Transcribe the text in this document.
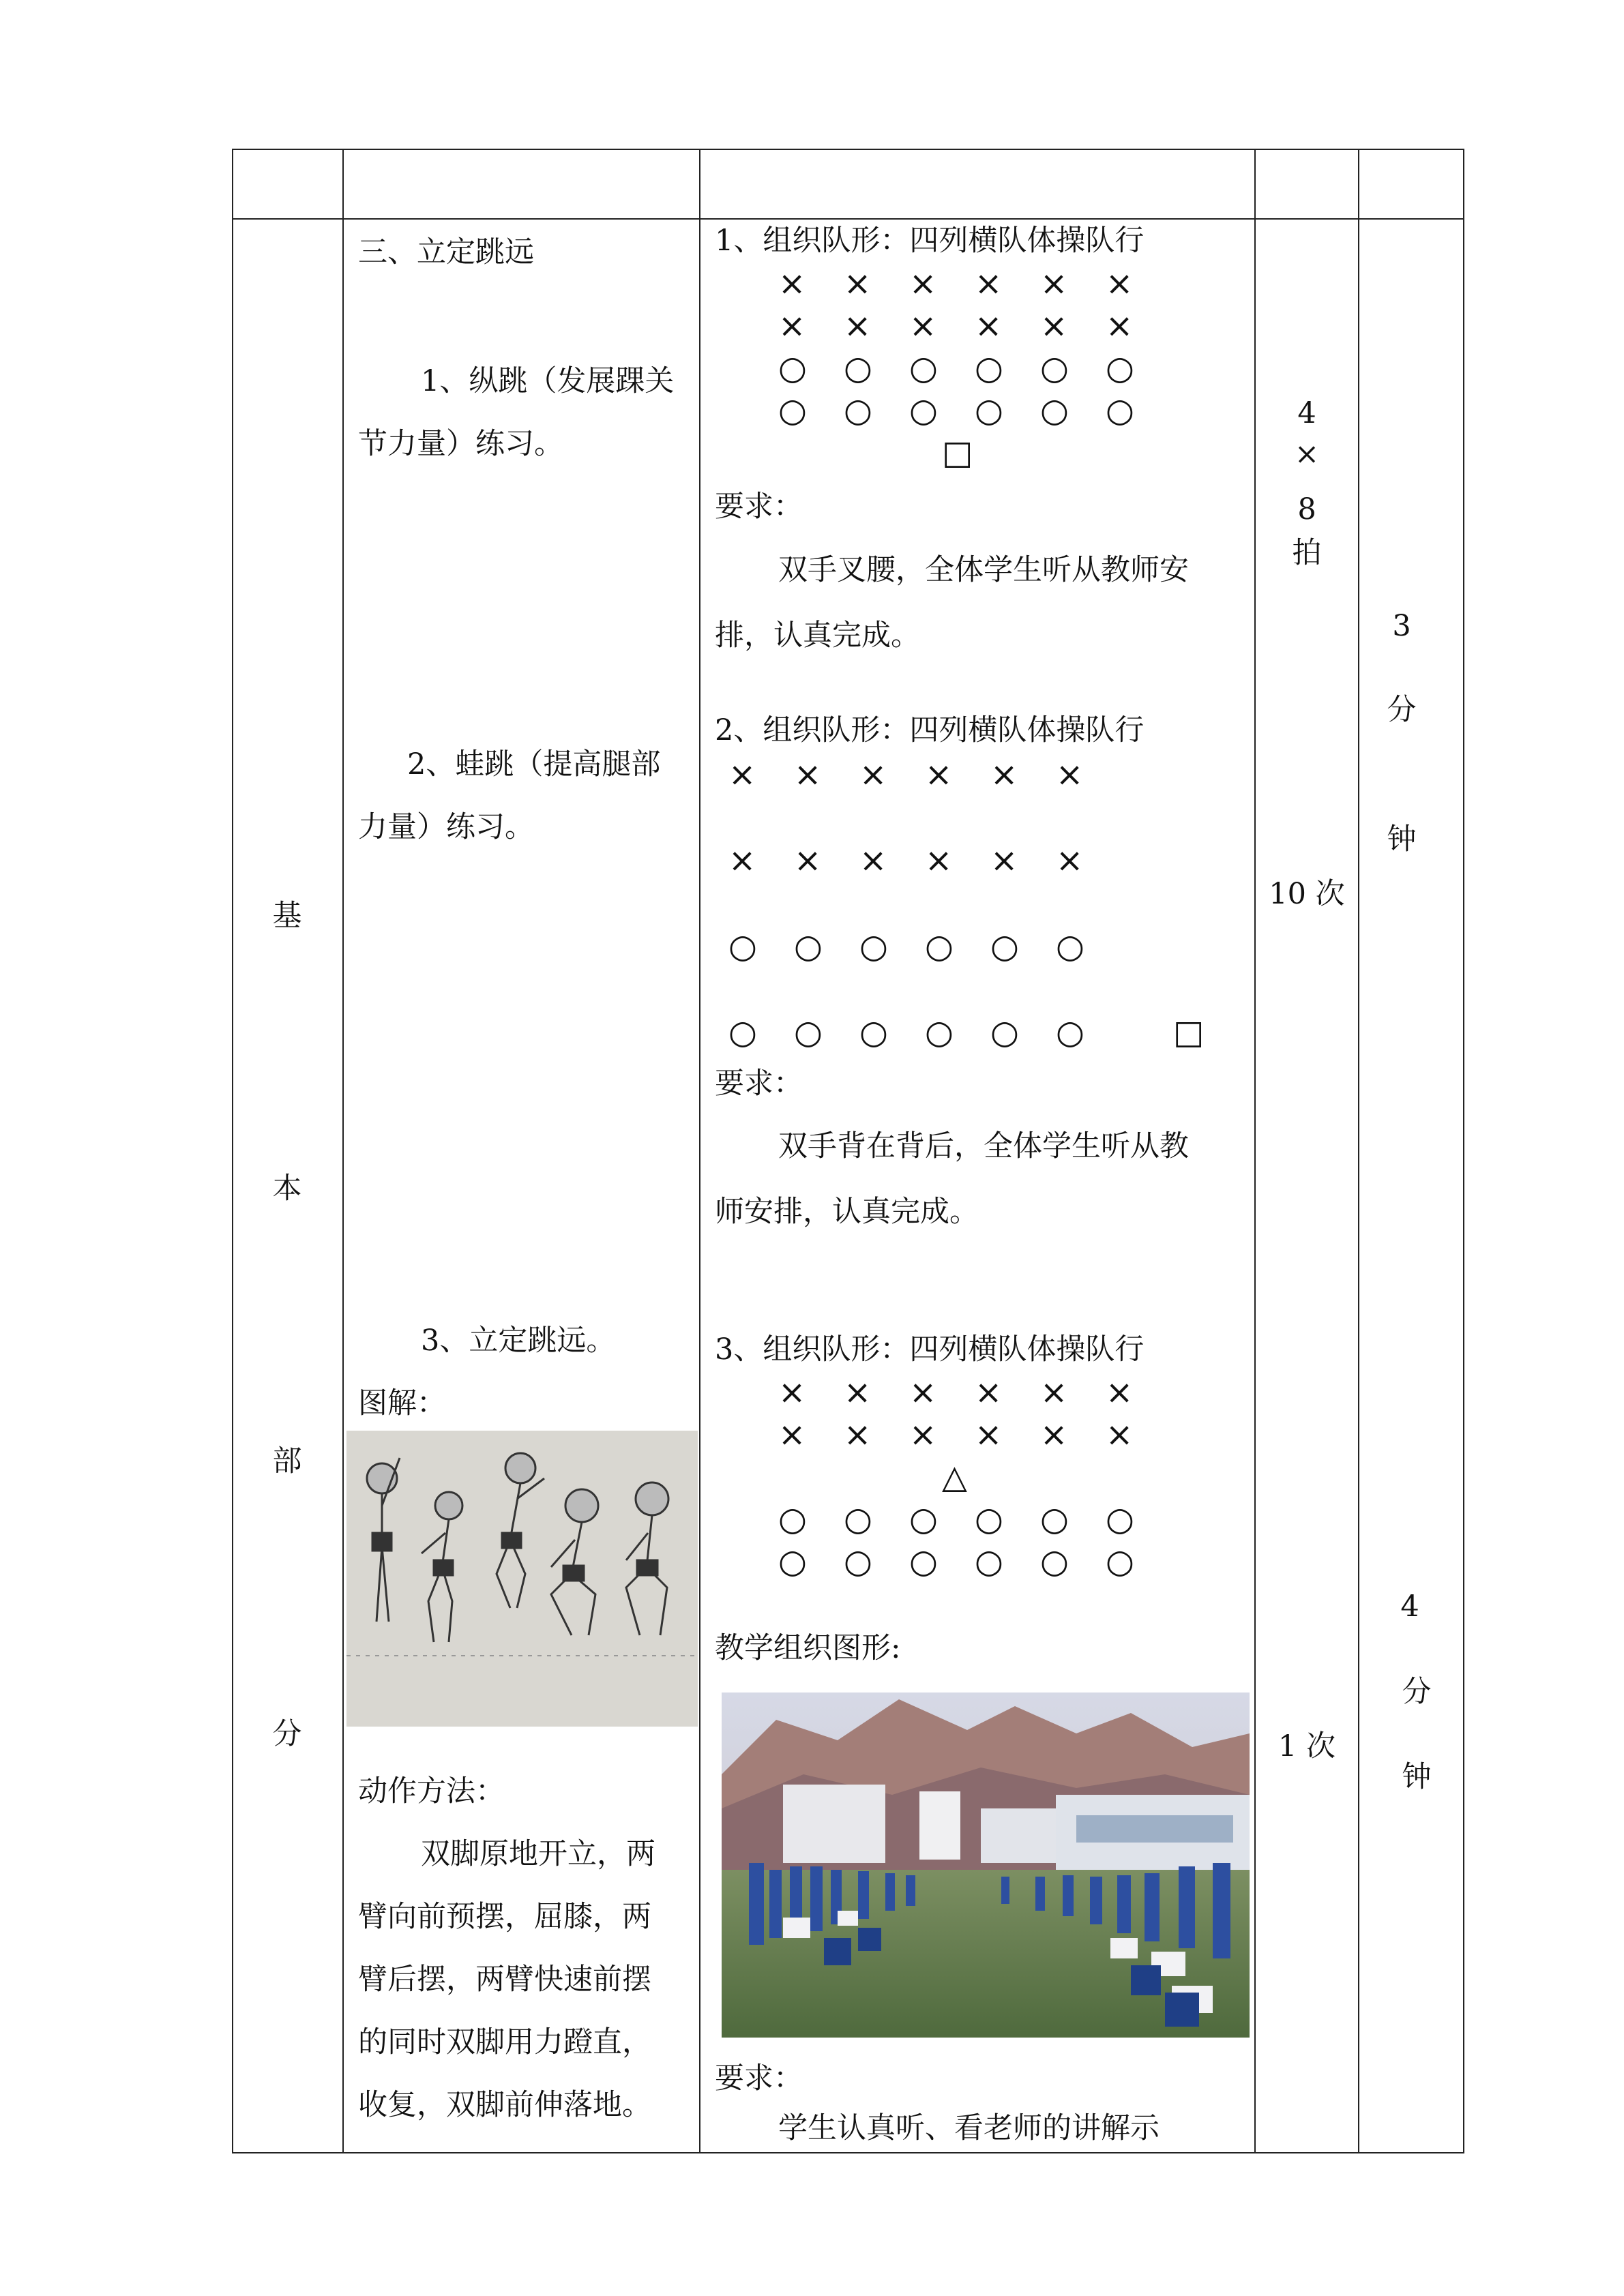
基
本
部
分
三、立定跳远
1、纵跳（发展踝关
节力量）练习。
2、蛙跳（提高腿部
力量）练习。
3、立定跳远。
图解：
动作方法：
双脚原地开立，两
臂向前预摆，屈膝，两
臂后摆，两臂快速前摆
的同时双脚用力蹬直，
收复，双脚前伸落地。
1、组织队形：四列横队体操队行
× × × × × ×
× × × × × ×
○ ○ ○ ○ ○ ○
○ ○ ○ ○ ○ ○
□
要求：
双手叉腰，全体学生听从教师安
排，认真完成。
2、组织队形：四列横队体操队行
× × × × × ×
× × × × × ×
○ ○ ○ ○ ○ ○
○ ○ ○ ○ ○ ○	□
要求：
双手背在背后，全体学生听从教
师安排，认真完成。
3、组织队形：四列横队体操队行
× × × × × ×
× × × × × ×
△
○ ○ ○ ○ ○ ○
○ ○ ○ ○ ○ ○
教学组织图形:
要求：
学生认真听、看老师的讲解示
4
×
8
拍
10 次
1 次
3
分
钟
4
分
钟
